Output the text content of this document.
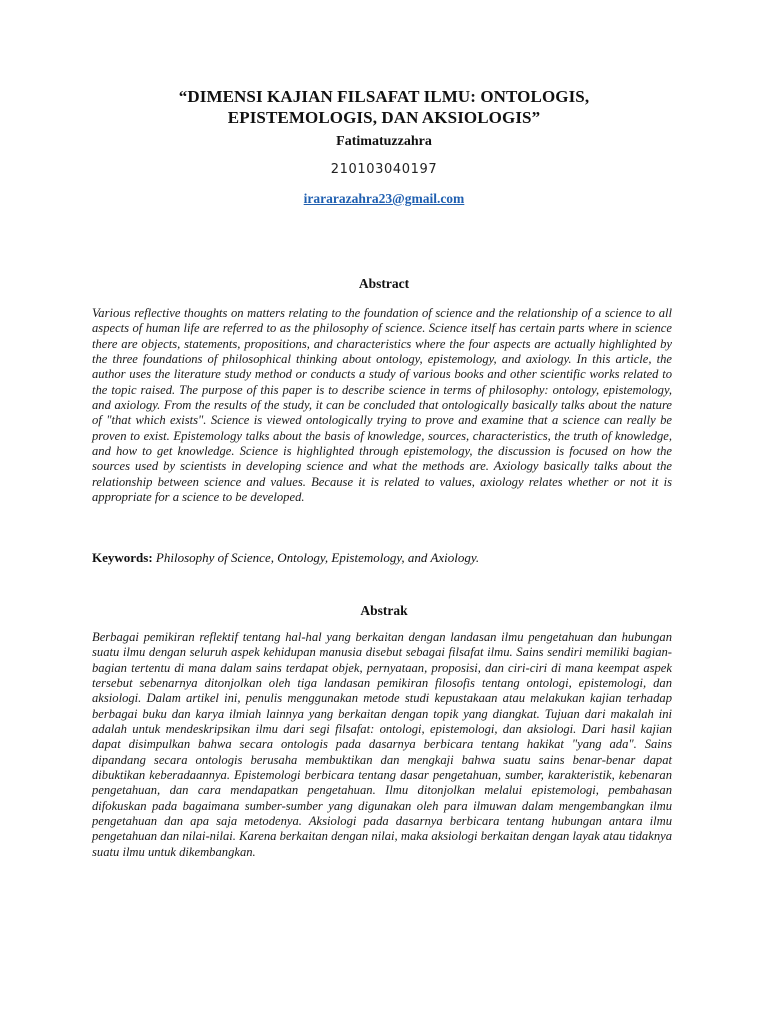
“DIMENSI KAJIAN FILSAFAT ILMU: ONTOLOGIS,
EPISTEMOLOGIS, DAN AKSIOLOGIS”
Fatimatuzzahra
210103040197
irararazahra23@gmail.com
Abstract
Various reflective thoughts on matters relating to the foundation of science and the relationship of a science to all aspects of human life are referred to as the philosophy of science. Science itself has certain parts where in science there are objects, statements, propositions, and characteristics where the four aspects are actually highlighted by the three foundations of philosophical thinking about ontology, epistemology, and axiology. In this article, the author uses the literature study method or conducts a study of various books and other scientific works related to the topic raised. The purpose of this paper is to describe science in terms of philosophy: ontology, epistemology, and axiology. From the results of the study, it can be concluded that ontologically basically talks about the nature of "that which exists". Science is viewed ontologically trying to prove and examine that a science can really be proven to exist. Epistemology talks about the basis of knowledge, sources, characteristics, the truth of knowledge, and how to get knowledge. Science is highlighted through epistemology, the discussion is focused on how the sources used by scientists in developing science and what the methods are. Axiology basically talks about the relationship between science and values. Because it is related to values, axiology relates whether or not it is appropriate for a science to be developed.
Keywords: Philosophy of Science, Ontology, Epistemology, and Axiology.
Abstrak
Berbagai pemikiran reflektif tentang hal-hal yang berkaitan dengan landasan ilmu pengetahuan dan hubungan suatu ilmu dengan seluruh aspek kehidupan manusia disebut sebagai filsafat ilmu. Sains sendiri memiliki bagian-bagian tertentu di mana dalam sains terdapat objek, pernyataan, proposisi, dan ciri-ciri di mana keempat aspek tersebut sebenarnya ditonjolkan oleh tiga landasan pemikiran filosofis tentang ontologi, epistemologi, dan aksiologi. Dalam artikel ini, penulis menggunakan metode studi kepustakaan atau melakukan kajian terhadap berbagai buku dan karya ilmiah lainnya yang berkaitan dengan topik yang diangkat. Tujuan dari makalah ini adalah untuk mendeskripsikan ilmu dari segi filsafat: ontologi, epistemologi, dan aksiologi. Dari hasil kajian dapat disimpulkan bahwa secara ontologis pada dasarnya berbicara tentang hakikat "yang ada". Sains dipandang secara ontologis berusaha membuktikan dan mengkaji bahwa suatu sains benar-benar dapat dibuktikan keberadaannya. Epistemologi berbicara tentang dasar pengetahuan, sumber, karakteristik, kebenaran pengetahuan, dan cara mendapatkan pengetahuan. Ilmu ditonjolkan melalui epistemologi, pembahasan difokuskan pada bagaimana sumber-sumber yang digunakan oleh para ilmuwan dalam mengembangkan ilmu pengetahuan dan apa saja metodenya. Aksiologi pada dasarnya berbicara tentang hubungan antara ilmu pengetahuan dan nilai-nilai. Karena berkaitan dengan nilai, maka aksiologi berkaitan dengan layak atau tidaknya suatu ilmu untuk dikembangkan.
